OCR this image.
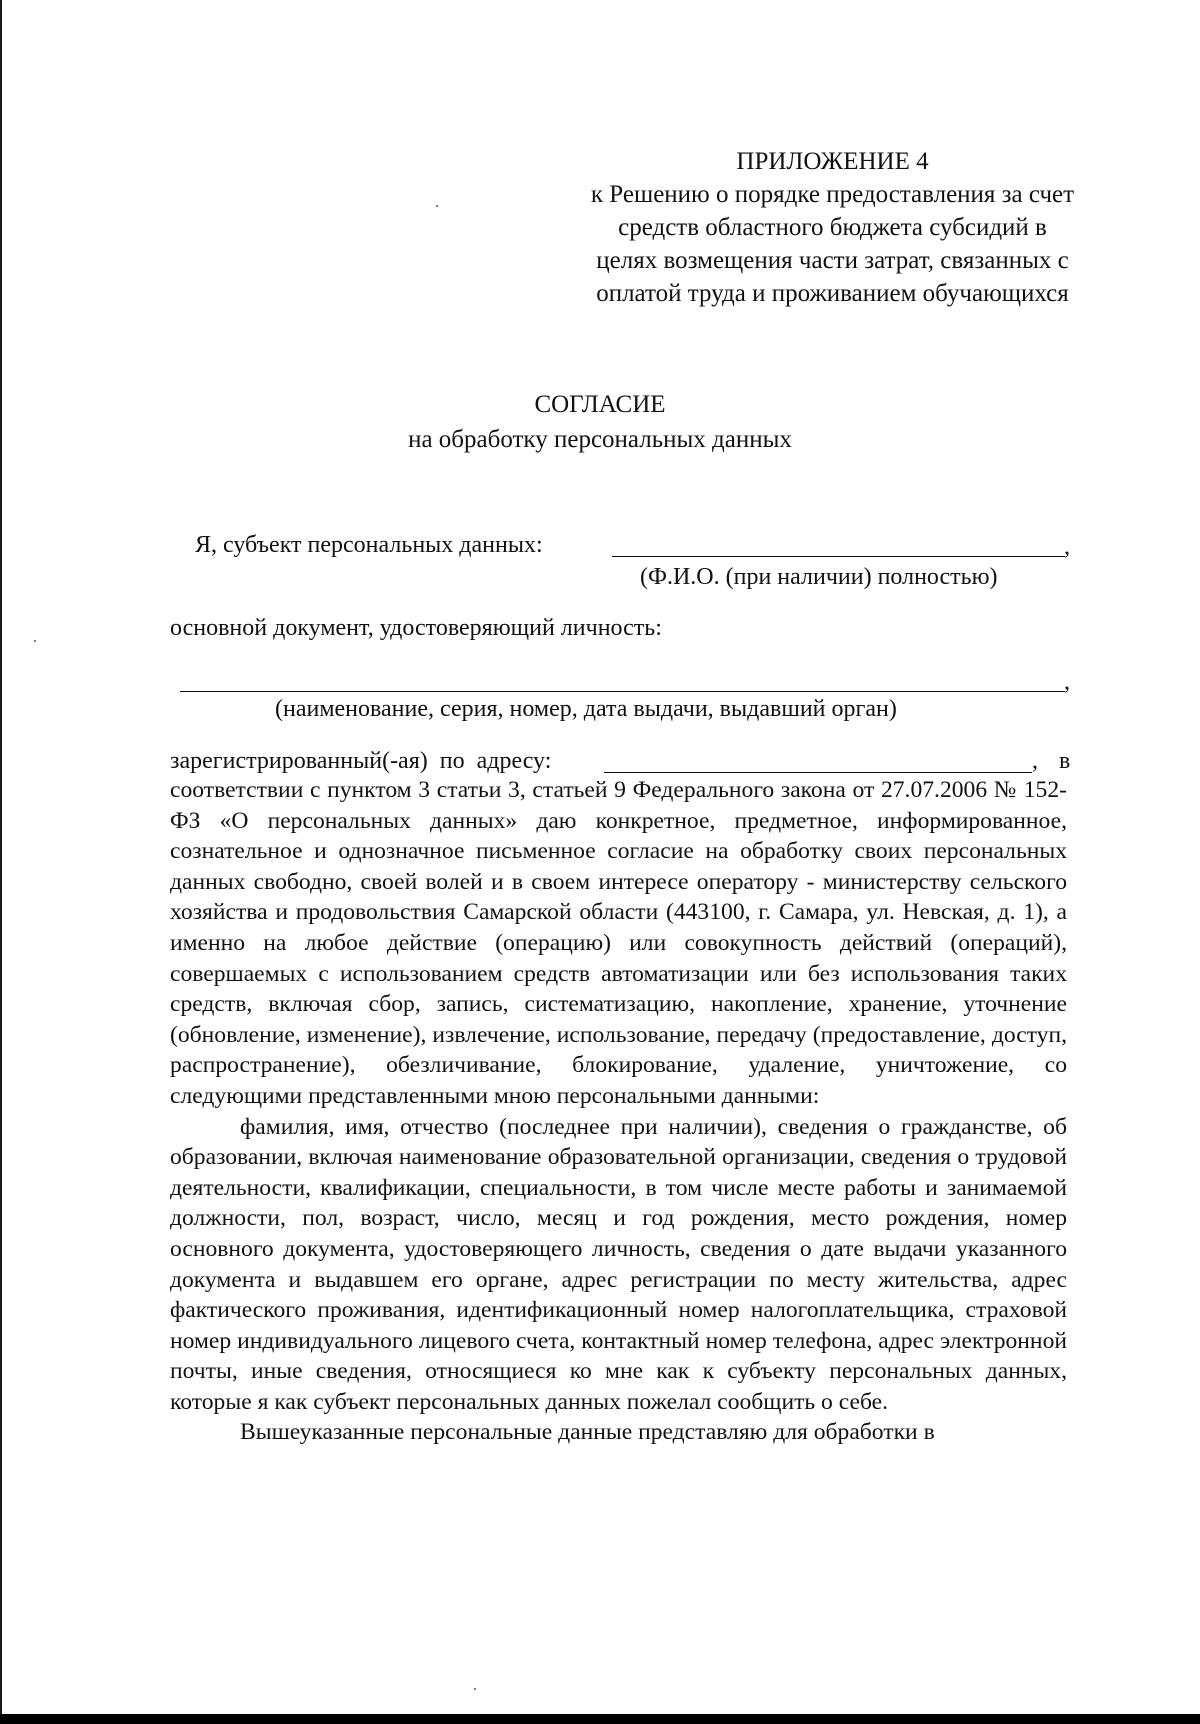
ПРИЛОЖЕНИЕ 4
к Решению о порядке предоставления за счет
средств областного бюджета субсидий в
целях возмещения части затрат, связанных с
оплатой труда и проживанием обучающихся
СОГЛАСИЕ
на обработку персональных данных
Я, субъект персональных данных:	,
(Ф.И.О. (при наличии) полностью)
основной документ, удостоверяющий личность:
,
(наименование, серия, номер, дата выдачи, выдавший орган)
зарегистрированный(-ая) по адресу:	, в

соответствии с пунктом 3 статьи 3, статьей 9 Федерального закона от 27.07.2006 № 152-ФЗ «О персональных данных» даю конкретное, предметное, информированное, сознательное и однозначное письменное согласие на обработку своих персональных данных свободно, своей волей и в своем интересе оператору - министерству сельского хозяйства и продовольствия Самарской области (443100, г. Самара, ул. Невская, д. 1), а именно на любое действие (операцию) или совокупность действий (операций), совершаемых с использованием средств автоматизации или без использования таких средств, включая сбор, запись, систематизацию, накопление, хранение, уточнение (обновление, изменение), извлечение, использование, передачу (предоставление, доступ, распространение), обезличивание, блокирование, удаление, уничтожение, со следующими представленными мною персональными данными:

фамилия, имя, отчество (последнее при наличии), сведения о гражданстве, об образовании, включая наименование образовательной организации, сведения о трудовой деятельности, квалификации, специальности, в том числе месте работы и занимаемой должности, пол, возраст, число, месяц и год рождения, место рождения, номер основного документа, удостоверяющего личность, сведения о дате выдачи указанного документа и выдавшем его органе, адрес регистрации по месту жительства, адрес фактического проживания, идентификационный номер налогоплательщика, страховой номер индивидуального лицевого счета, контактный номер телефона, адрес электронной почты, иные сведения, относящиеся ко мне как к субъекту персональных данных, которые я как субъект персональных данных пожелал сообщить о себе.

Вышеуказанные персональные данные представляю для обработки в
